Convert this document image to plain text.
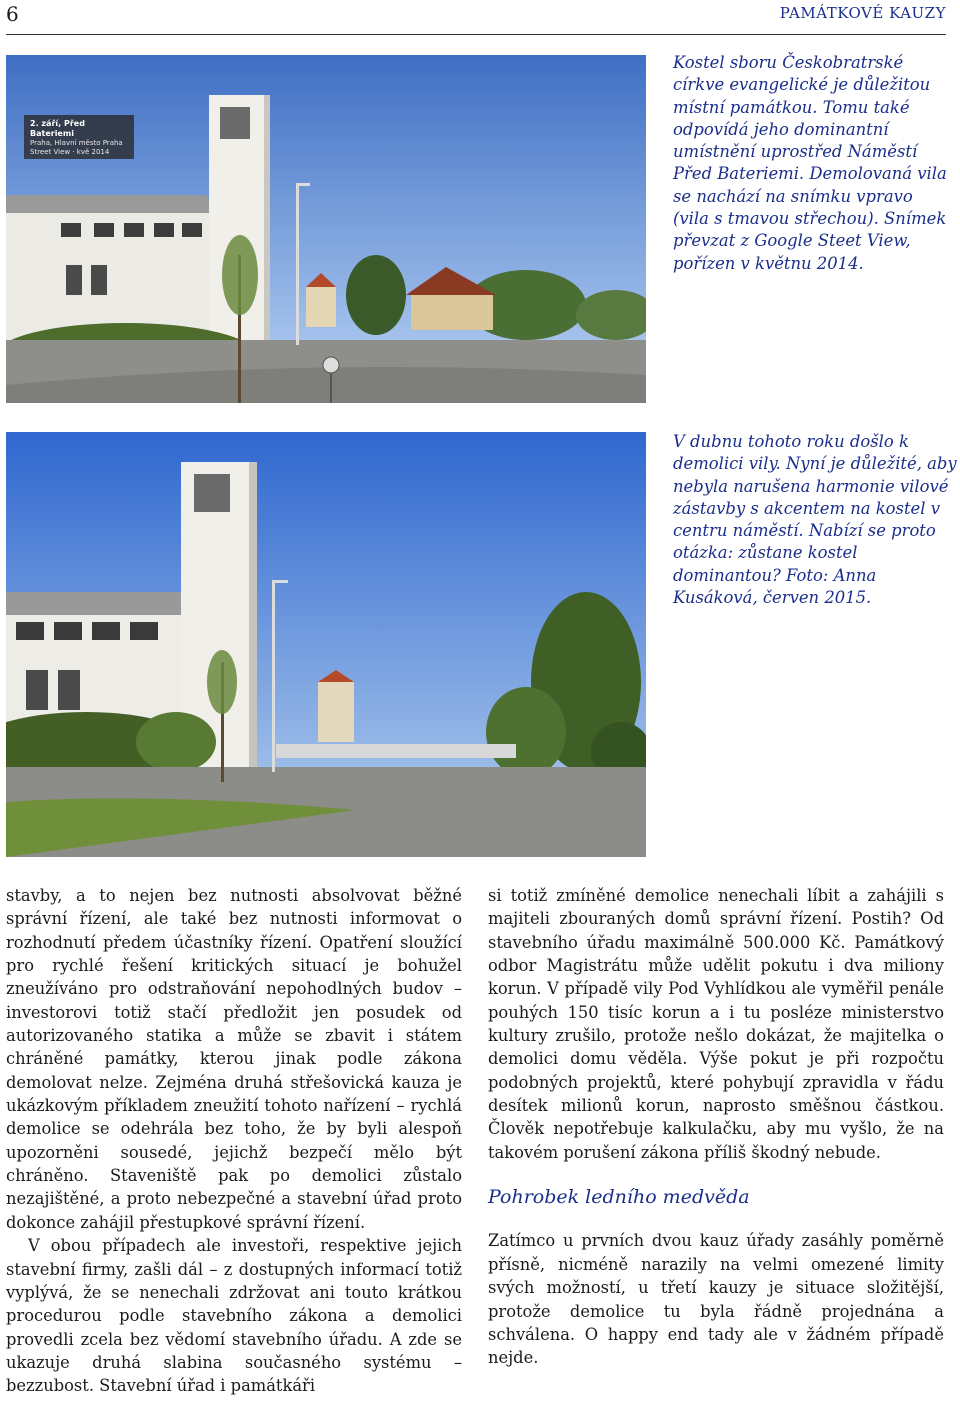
6	PAMÁTKOVÉ KAUZY
2. září, Před Bateriemi
Praha, Hlavní město Praha
Street View · kvě 2014

Kostel sboru Českobratrské církve evangelické je důležitou místní památkou. Tomu také odpovídá jeho dominantní umístnění uprostřed Náměstí Před Bateriemi. Demolovaná vila se nachází na snímku vpravo (vila s tmavou střechou). Snímek převzat z Google Steet View, pořízen v květnu 2014.

V dubnu tohoto roku došlo k demolici vily. Nyní je důležité, aby nebyla narušena harmonie vilové zástavby s akcentem na kostel v centru náměstí. Nabízí se proto otázka: zůstane kostel dominantou? Foto: Anna Kusáková, červen 2015.

stavby, a to nejen bez nutnosti absolvovat běžné správní řízení, ale také bez nutnosti informovat o rozhodnutí předem účastníky řízení. Opatření sloužící pro rychlé řešení kritických situací je bohužel zneužíváno pro odstraňování nepohodlných budov – investorovi totiž stačí předložit jen posudek od autorizovaného statika a může se zbavit i státem chráněné památky, kterou jinak podle zákona demolovat nelze. Zejména druhá střešovická kauza je ukázkovým příkladem zneužití tohoto nařízení – rychlá demolice se odehrála bez toho, že by byli alespoň upozorněni sousedé, jejichž bezpečí mělo být chráněno. Staveniště pak po demolici zůstalo nezajištěné, a proto nebezpečné a stavební úřad proto dokonce zahájil přestupkové správní řízení.

V obou případech ale investoři, respektive jejich stavební firmy, zašli dál – z dostupných informací totiž vyplývá, že se nenechali zdržovat ani touto krátkou procedurou podle stavebního zákona a demolici provedli zcela bez vědomí stavebního úřadu. A zde se ukazuje druhá slabina současného systému – bezzubost. Stavební úřad i památkáři

si totiž zmíněné demolice nenechali líbit a zahájili s majiteli zbouraných domů správní řízení. Postih? Od stavebního úřadu maximálně 500.000 Kč. Památkový odbor Magistrátu může udělit pokutu i dva miliony korun. V případě vily Pod Vyhlídkou ale vyměřil penále pouhých 150 tisíc korun a i tu posléze ministerstvo kultury zrušilo, protože nešlo dokázat, že majitelka o demolici domu věděla. Výše pokut je při rozpočtu podobných projektů, které pohybují zpravidla v řádu desítek milionů korun, naprosto směšnou částkou. Člověk nepotřebuje kalkulačku, aby mu vyšlo, že na takovém porušení zákona příliš škodný nebude.

Pohrobek ledního medvěda

Zatímco u prvních dvou kauz úřady zasáhly poměrně přísně, nicméně narazily na velmi omezené limity svých možností, u třetí kauzy je situace složitější, protože demolice tu byla řádně projednána a schválena. O happy end tady ale v žádném případě nejde.
